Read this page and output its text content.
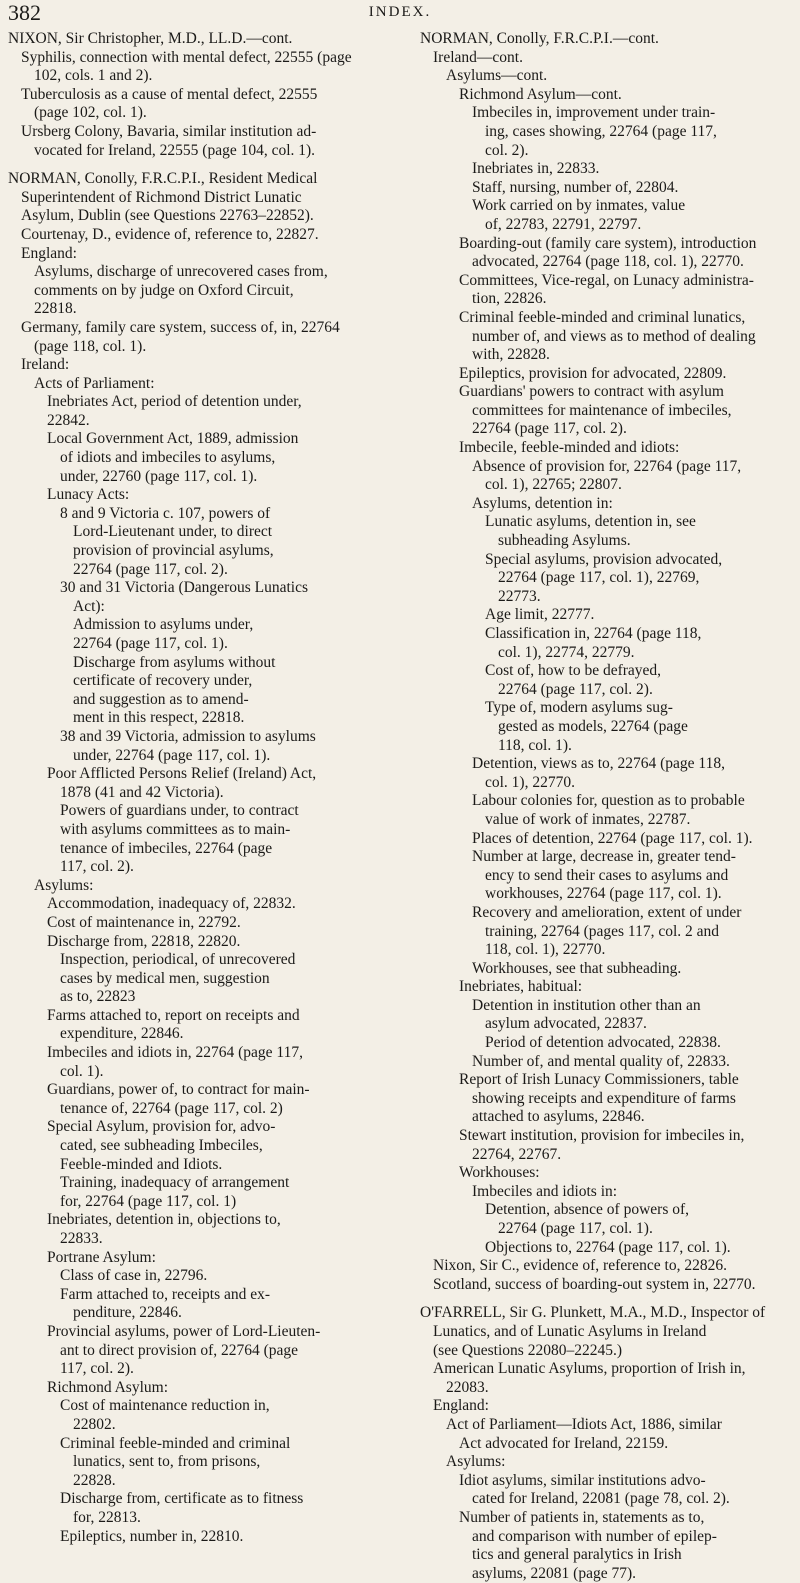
382	INDEX.
NIXON, Sir Christopher, M.D., LL.D.—cont.
Syphilis, connection with mental defect, 22555 (page
102, cols. 1 and 2).
Tuberculosis as a cause of mental defect, 22555
(page 102, col. 1).
Ursberg Colony, Bavaria, similar institution ad-
vocated for Ireland, 22555 (page 104, col. 1).
NORMAN, Conolly, F.R.C.P.I., Resident Medical
Superintendent of Richmond District Lunatic
Asylum, Dublin (see Questions 22763–22852).
Courtenay, D., evidence of, reference to, 22827.
England:
Asylums, discharge of unrecovered cases from,
comments on by judge on Oxford Circuit,
22818.
Germany, family care system, success of, in, 22764
(page 118, col. 1).
Ireland:
Acts of Parliament:
Inebriates Act, period of detention under,
22842.
Local Government Act, 1889, admission
of idiots and imbeciles to asylums,
under, 22760 (page 117, col. 1).
Lunacy Acts:
8 and 9 Victoria c. 107, powers of
Lord-Lieutenant under, to direct
provision of provincial asylums,
22764 (page 117, col. 2).
30 and 31 Victoria (Dangerous Lunatics
Act):
Admission to asylums under,
22764 (page 117, col. 1).
Discharge from asylums without
certificate of recovery under,
and suggestion as to amend-
ment in this respect, 22818.
38 and 39 Victoria, admission to asylums
under, 22764 (page 117, col. 1).
Poor Afflicted Persons Relief (Ireland) Act,
1878 (41 and 42 Victoria).
Powers of guardians under, to contract
with asylums committees as to main-
tenance of imbeciles, 22764 (page
117, col. 2).
Asylums:
Accommodation, inadequacy of, 22832.
Cost of maintenance in, 22792.
Discharge from, 22818, 22820.
Inspection, periodical, of unrecovered
cases by medical men, suggestion
as to, 22823
Farms attached to, report on receipts and
expenditure, 22846.
Imbeciles and idiots in, 22764 (page 117,
col. 1).
Guardians, power of, to contract for main-
tenance of, 22764 (page 117, col. 2)
Special Asylum, provision for, advo-
cated, see subheading Imbeciles,
Feeble-minded and Idiots.
Training, inadequacy of arrangement
for, 22764 (page 117, col. 1)
Inebriates, detention in, objections to,
22833.
Portrane Asylum:
Class of case in, 22796.
Farm attached to, receipts and ex-
penditure, 22846.
Provincial asylums, power of Lord-Lieuten-
ant to direct provision of, 22764 (page
117, col. 2).
Richmond Asylum:
Cost of maintenance reduction in,
22802.
Criminal feeble-minded and criminal
lunatics, sent to, from prisons,
22828.
Discharge from, certificate as to fitness
for, 22813.
Epileptics, number in, 22810.
NORMAN, Conolly, F.R.C.P.I.—cont.
Ireland—cont.
Asylums—cont.
Richmond Asylum—cont.
Imbeciles in, improvement under train-
ing, cases showing, 22764 (page 117,
col. 2).
Inebriates in, 22833.
Staff, nursing, number of, 22804.
Work carried on by inmates, value
of, 22783, 22791, 22797.
Boarding-out (family care system), introduction
advocated, 22764 (page 118, col. 1), 22770.
Committees, Vice-regal, on Lunacy administra-
tion, 22826.
Criminal feeble-minded and criminal lunatics,
number of, and views as to method of dealing
with, 22828.
Epileptics, provision for advocated, 22809.
Guardians' powers to contract with asylum
committees for maintenance of imbeciles,
22764 (page 117, col. 2).
Imbecile, feeble-minded and idiots:
Absence of provision for, 22764 (page 117,
col. 1), 22765; 22807.
Asylums, detention in:
Lunatic asylums, detention in, see
subheading Asylums.
Special asylums, provision advocated,
22764 (page 117, col. 1), 22769,
22773.
Age limit, 22777.
Classification in, 22764 (page 118,
col. 1), 22774, 22779.
Cost of, how to be defrayed,
22764 (page 117, col. 2).
Type of, modern asylums sug-
gested as models, 22764 (page
118, col. 1).
Detention, views as to, 22764 (page 118,
col. 1), 22770.
Labour colonies for, question as to probable
value of work of inmates, 22787.
Places of detention, 22764 (page 117, col. 1).
Number at large, decrease in, greater tend-
ency to send their cases to asylums and
workhouses, 22764 (page 117, col. 1).
Recovery and amelioration, extent of under
training, 22764 (pages 117, col. 2 and
118, col. 1), 22770.
Workhouses, see that subheading.
Inebriates, habitual:
Detention in institution other than an
asylum advocated, 22837.
Period of detention advocated, 22838.
Number of, and mental quality of, 22833.
Report of Irish Lunacy Commissioners, table
showing receipts and expenditure of farms
attached to asylums, 22846.
Stewart institution, provision for imbeciles in,
22764, 22767.
Workhouses:
Imbeciles and idiots in:
Detention, absence of powers of,
22764 (page 117, col. 1).
Objections to, 22764 (page 117, col. 1).
Nixon, Sir C., evidence of, reference to, 22826.
Scotland, success of boarding-out system in, 22770.
O'FARRELL, Sir G. Plunkett, M.A., M.D., Inspector of
Lunatics, and of Lunatic Asylums in Ireland
(see Questions 22080–22245.)
American Lunatic Asylums, proportion of Irish in,
22083.
England:
Act of Parliament—Idiots Act, 1886, similar
Act advocated for Ireland, 22159.
Asylums:
Idiot asylums, similar institutions advo-
cated for Ireland, 22081 (page 78, col. 2).
Number of patients in, statements as to,
and comparison with number of epilep-
tics and general paralytics in Irish
asylums, 22081 (page 77).
